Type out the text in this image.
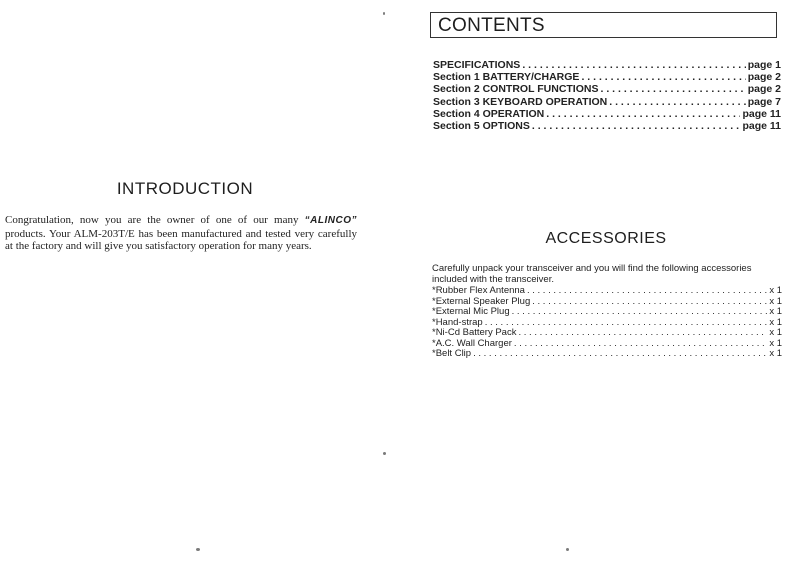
INTRODUCTION
Congratulation, now you are the owner of one of our many “ALINCO” products. Your ALM-203T/E has been manufactured and tested very carefully at the factory and will give you satisfactory operation for many years.
CONTENTS
SPECIFICATIONS . . .	page 1
Section 1 BATTERY/CHARGE . . .	page 2
Section 2 CONTROL FUNCTIONS . . .	page 2
Section 3 KEYBOARD OPERATION . . .	page 7
Section 4 OPERATION . . .	page 11
Section 5 OPTIONS . . .	page 11
ACCESSORIES
Carefully unpack your transceiver and you will find the following accessories included with the transceiver.
*Rubber Flex Antenna . . .	x 1
*External Speaker Plug . . .	x 1
*External Mic Plug . . .	x 1
*Hand-strap . . .	x 1
*Ni-Cd Battery Pack . . .	x 1
*A.C. Wall Charger . . .	x 1
*Belt Clip . . .	x 1
